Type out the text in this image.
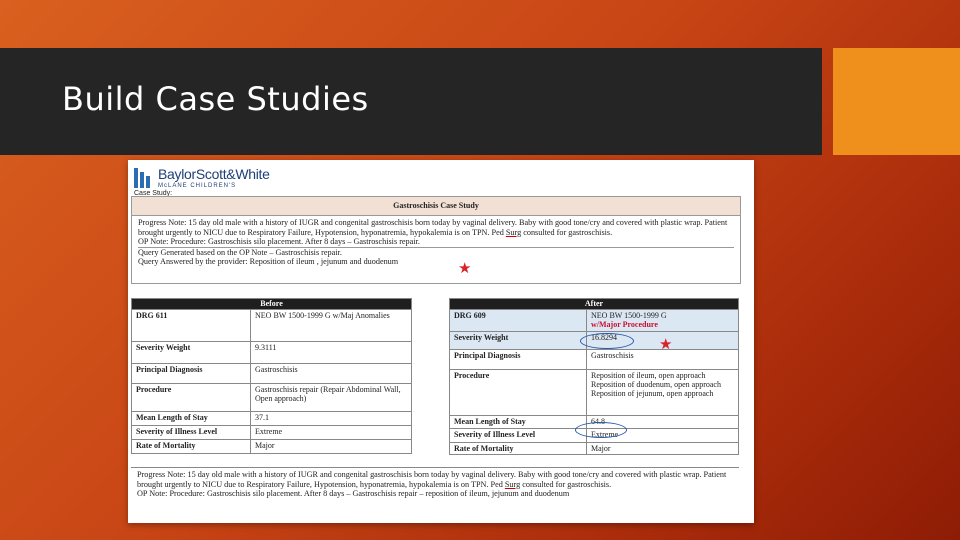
Build Case Studies
BaylorScott&White
McLANE CHILDREN'S
Case Study:
Gastroschisis Case Study

Progress Note: 15 day old male with a history of IUGR and congenital gastroschisis born today by vaginal delivery. Baby with good tone/cry and covered with plastic wrap. Patient brought urgently to NICU due to Respiratory Failure, Hypotension, hyponatremia, hypokalemia is on TPN. Ped Surg consulted for gastroschisis.

OP Note: Procedure: Gastroschisis silo placement. After 8 days – Gastroschisis repair.

Query Generated based on the OP Note – Gastroschisis repair.

Query Answered by the provider: Reposition of ileum , jejunum and duodenum	★
Before	
DRG 611	NEO BW 1500-1999 G w/Maj Anomalies
Severity Weight	9.3111
Principal Diagnosis	Gastroschisis
Procedure	Gastroschisis repair (Repair Abdominal Wall, Open approach)
Mean Length of Stay	37.1
Severity of Illness Level	Extreme
Rate of Mortality	Major
After	
DRG 609	NEO BW 1500-1999 G
w/Major Procedure
Severity Weight	16.8294
Principal Diagnosis	Gastroschisis
Procedure	Reposition of ileum, open approach Reposition of duodenum, open approach Reposition of jejunum, open approach
Mean Length of Stay	64.8
Severity of Illness Level	Extreme
Rate of Mortality	Major
★

Progress Note: 15 day old male with a history of IUGR and congenital gastroschisis born today by vaginal delivery. Baby with good tone/cry and covered with plastic wrap. Patient brought urgently to NICU due to Respiratory Failure, Hypotension, hyponatremia, hypokalemia is on TPN. Ped Surg consulted for gastroschisis.

OP Note: Procedure: Gastroschisis silo placement. After 8 days – Gastroschisis repair – reposition of ileum, jejunum and duodenum
